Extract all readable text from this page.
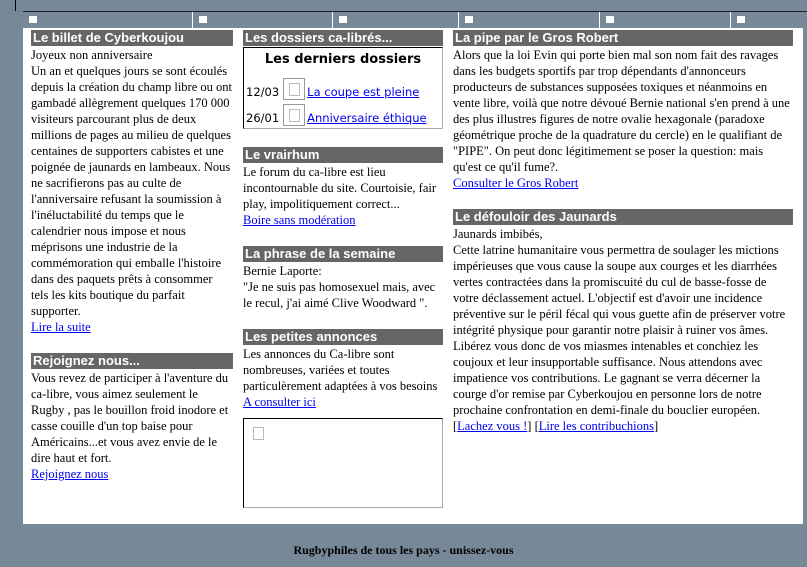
Le billet de Cyberkoujou
Joyeux non anniversaire
Un an et quelques jours se sont écoulés depuis la création du champ libre ou ont gambadé allègrement quelques 170 000 visiteurs parcourant plus de deux millions de pages au milieu de quelques centaines de supporters cabistes et une poignée de jaunards en lambeaux. Nous ne sacrifierons pas au culte de l'anniversaire refusant la soumission à l'inéluctabilité du temps que le calendrier nous impose et nous méprisons une industrie de la commémoration qui emballe l'histoire dans des paquets prêts à consommer tels les kits boutique du parfait supporter.
Lire la suite
Rejoignez nous...
Vous revez de participer à l'aventure du ca-libre, vous aimez seulement le Rugby , pas le bouillon froid inodore et casse couille d'un top baise pour Américains...et vous avez envie de le dire haut et fort.
Rejoignez nous
Les dossiers ca-librés...
Les derniers dossiers
12/03 La coupe est pleine
26/01 Anniversaire éthique
Le vrairhum
Le forum du ca-libre est lieu incontournable du site. Courtoisie, fair play, impolitiquement correct...
Boire sans modération
La phrase de la semaine
Bernie Laporte:
"Je ne suis pas homosexuel mais, avec le recul, j'ai aimé Clive Woodward ".
Les petites annonces
Les annonces du Ca-libre sont nombreuses, variées et toutes particulèrement adaptées à vos besoins
A consulter ici
La pipe par le Gros Robert
Alors que la loi Evin qui porte bien mal son nom fait des ravages dans les budgets sportifs par trop dépendants d'annonceurs producteurs de substances supposées toxiques et néanmoins en vente libre, voilà que notre dévoué Bernie national s'en prend à une des plus illustres figures de notre ovalie hexagonale (paradoxe géométrique proche de la quadrature du cercle) en le qualifiant de "PIPE". On peut donc légitimement se poser la question: mais qu'est ce qu'il fume?.
Consulter le Gros Robert
Le défouloir des Jaunards
Jaunards imbibés,
Cette latrine humanitaire vous permettra de soulager les mictions impérieuses que vous cause la soupe aux courges et les diarrhées vertes contractées dans la promiscuité du cul de basse-fosse de votre déclassement actuel. L'objectif est d'avoir une incidence préventive sur le péril fécal qui vous guette afin de préserver votre intégrité physique pour garantir notre plaisir à ruiner vos âmes. Libérez vous donc de vos miasmes intenables et conchiez les coujoux et leur insupportable suffisance. Nous attendons avec impatience vos contributions. Le gagnant se verra décerner la courge d'or remise par Cyberkoujou en personne lors de notre prochaine confrontation en demi-finale du bouclier européen.
[Lachez vous !] [Lire les contribuchions]
Rugbyphiles de tous les pays - unissez-vous
